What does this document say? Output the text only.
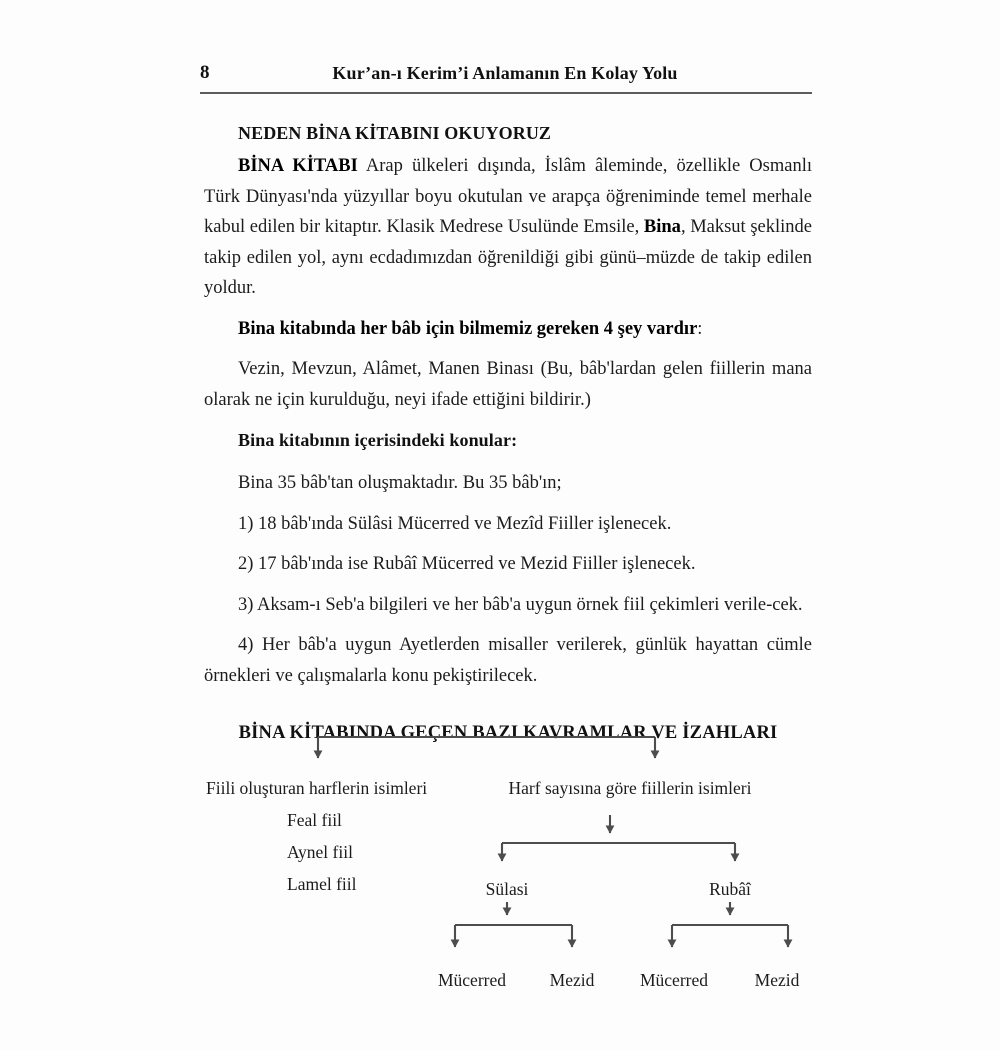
8	Kur’an-ı Kerim’i Anlamanın En Kolay Yolu
NEDEN BİNA KİTABINI OKUYORUZ

BİNA KİTABI Arap ülkeleri dışında, İslâm âleminde, özellikle Osmanlı Türk Dünyası'nda yüzyıllar boyu okutulan ve arapça öğreniminde temel merhale kabul edilen bir kitaptır. Klasik Medrese Usulünde Emsile, Bina, Maksut şeklinde takip edilen yol, aynı ecdadımızdan öğrenildiği gibi günü–müzde de takip edilen yoldur.

Bina kitabında her bâb için bilmemiz gereken 4 şey vardır:

Vezin, Mevzun, Alâmet, Manen Binası (Bu, bâb'lardan gelen fiillerin mana olarak ne için kurulduğu, neyi ifade ettiğini bildirir.)

Bina kitabının içerisindeki konular:

Bina 35 bâb'tan oluşmaktadır. Bu 35 bâb'ın;

1) 18 bâb'ında Sülâsi Mücerred ve Mezîd Fiiller işlenecek.

2) 17 bâb'ında ise Rubâî Mücerred ve Mezid Fiiller işlenecek.

3) Aksam-ı Seb'a bilgileri ve her bâb'a uygun örnek fiil çekimleri verile-cek.

4) Her bâb'a uygun Ayetlerden misaller verilerek, günlük hayattan cümle örnekleri ve çalışmalarla konu pekiştirilecek.

BİNA KİTABINDA GEÇEN BAZI KAVRAMLAR VE İZAHLARI

Fiili oluşturan harflerin isimleri
Feal fiil
Aynel fiil
Lamel fiil
Harf sayısına göre fiillerin isimleri
Sülasi	Rubâî
Mücerred Mezid	Mücerred	Mezid
